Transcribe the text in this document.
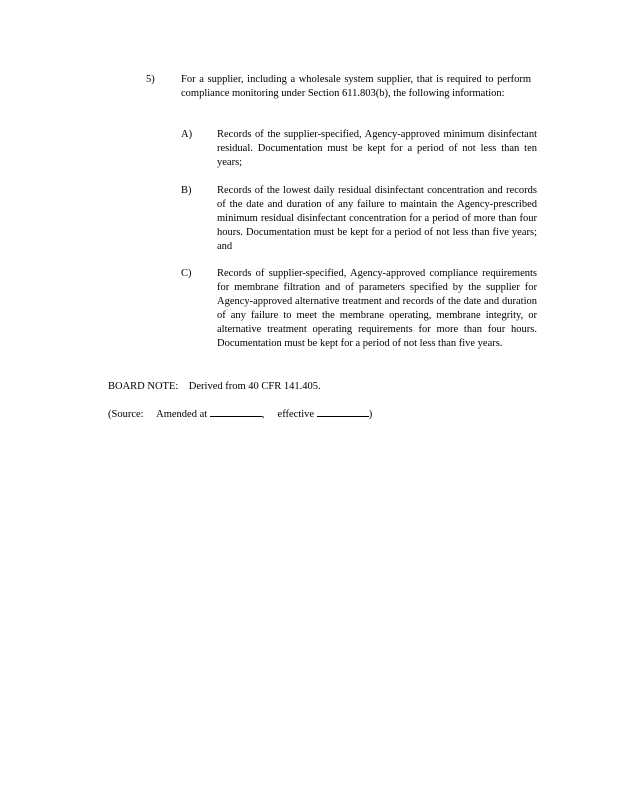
5)	For a supplier, including a wholesale system supplier, that is required to perform compliance monitoring under Section 611.803(b), the following information:
A)	Records of the supplier-specified, Agency-approved minimum disinfectant residual. Documentation must be kept for a period of not less than ten years;
B)	Records of the lowest daily residual disinfectant concentration and records of the date and duration of any failure to maintain the Agency-prescribed minimum residual disinfectant concentration for a period of more than four hours. Documentation must be kept for a period of not less than five years; and
C)	Records of supplier-specified, Agency-approved compliance requirements for membrane filtration and of parameters specified by the supplier for Agency-approved alternative treatment and records of the date and duration of any failure to meet the membrane operating, membrane integrity, or alternative treatment operating requirements for more than four hours. Documentation must be kept for a period of not less than five years.
BOARD NOTE: Derived from 40 CFR 141.405.
(Source: Amended at	, effective	)
